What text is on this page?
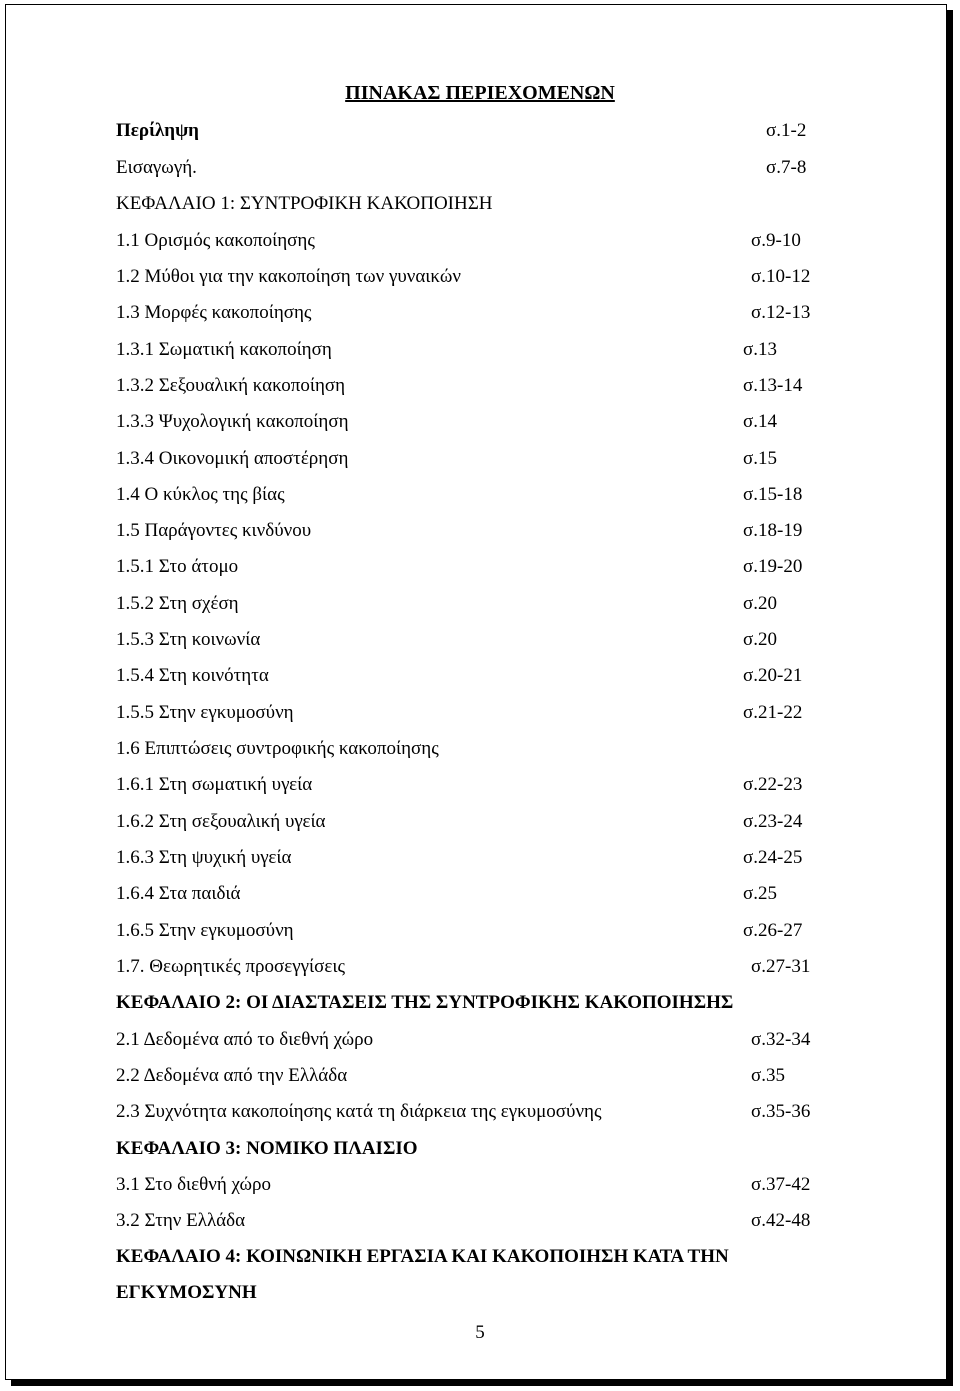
ΠΙΝΑΚΑΣ ΠΕΡΙΕΧΟΜΕΝΩΝ
Περίληψη	σ.1-2
Εισαγωγή.	σ.7-8
ΚΕΦΑΛΑΙΟ 1: ΣΥΝΤΡΟΦΙΚΗ ΚΑΚΟΠΟΙΗΣΗ
1.1 Ορισμός κακοποίησης	σ.9-10
1.2 Μύθοι για την κακοποίηση των γυναικών	σ.10-12
1.3 Μορφές κακοποίησης	σ.12-13
1.3.1 Σωματική κακοποίηση	σ.13
1.3.2 Σεξουαλική κακοποίηση	σ.13-14
1.3.3 Ψυχολογική κακοποίηση	σ.14
1.3.4 Οικονομική αποστέρηση	σ.15
1.4 Ο κύκλος της βίας	σ.15-18
1.5 Παράγοντες κινδύνου	σ.18-19
1.5.1 Στο άτομο	σ.19-20
1.5.2 Στη σχέση	σ.20
1.5.3 Στη κοινωνία	σ.20
1.5.4 Στη κοινότητα	σ.20-21
1.5.5 Στην εγκυμοσύνη	σ.21-22
1.6 Επιπτώσεις συντροφικής κακοποίησης
1.6.1 Στη σωματική υγεία	σ.22-23
1.6.2 Στη σεξουαλική υγεία	σ.23-24
1.6.3 Στη ψυχική υγεία	σ.24-25
1.6.4 Στα παιδιά	σ.25
1.6.5 Στην εγκυμοσύνη	σ.26-27
1.7. Θεωρητικές προσεγγίσεις	σ.27-31
ΚΕΦΑΛΑΙΟ 2: ΟΙ ΔΙΑΣΤΑΣΕΙΣ ΤΗΣ ΣΥΝΤΡΟΦΙΚΗΣ ΚΑΚΟΠΟΙΗΣΗΣ
2.1 Δεδομένα από το διεθνή χώρο	σ.32-34
2.2 Δεδομένα από την Ελλάδα	σ.35
2.3 Συχνότητα κακοποίησης κατά τη διάρκεια της εγκυμοσύνης	σ.35-36
ΚΕΦΑΛΑΙΟ 3: ΝΟΜΙΚΟ ΠΛΑΙΣΙΟ
3.1 Στο διεθνή χώρο	σ.37-42
3.2 Στην Ελλάδα	σ.42-48
ΚΕΦΑΛΑΙΟ 4: ΚΟΙΝΩΝΙΚΗ ΕΡΓΑΣΙΑ ΚΑΙ ΚΑΚΟΠΟΙΗΣΗ ΚΑΤΑ ΤΗΝ
ΕΓΚΥΜΟΣΥΝΗ
5
